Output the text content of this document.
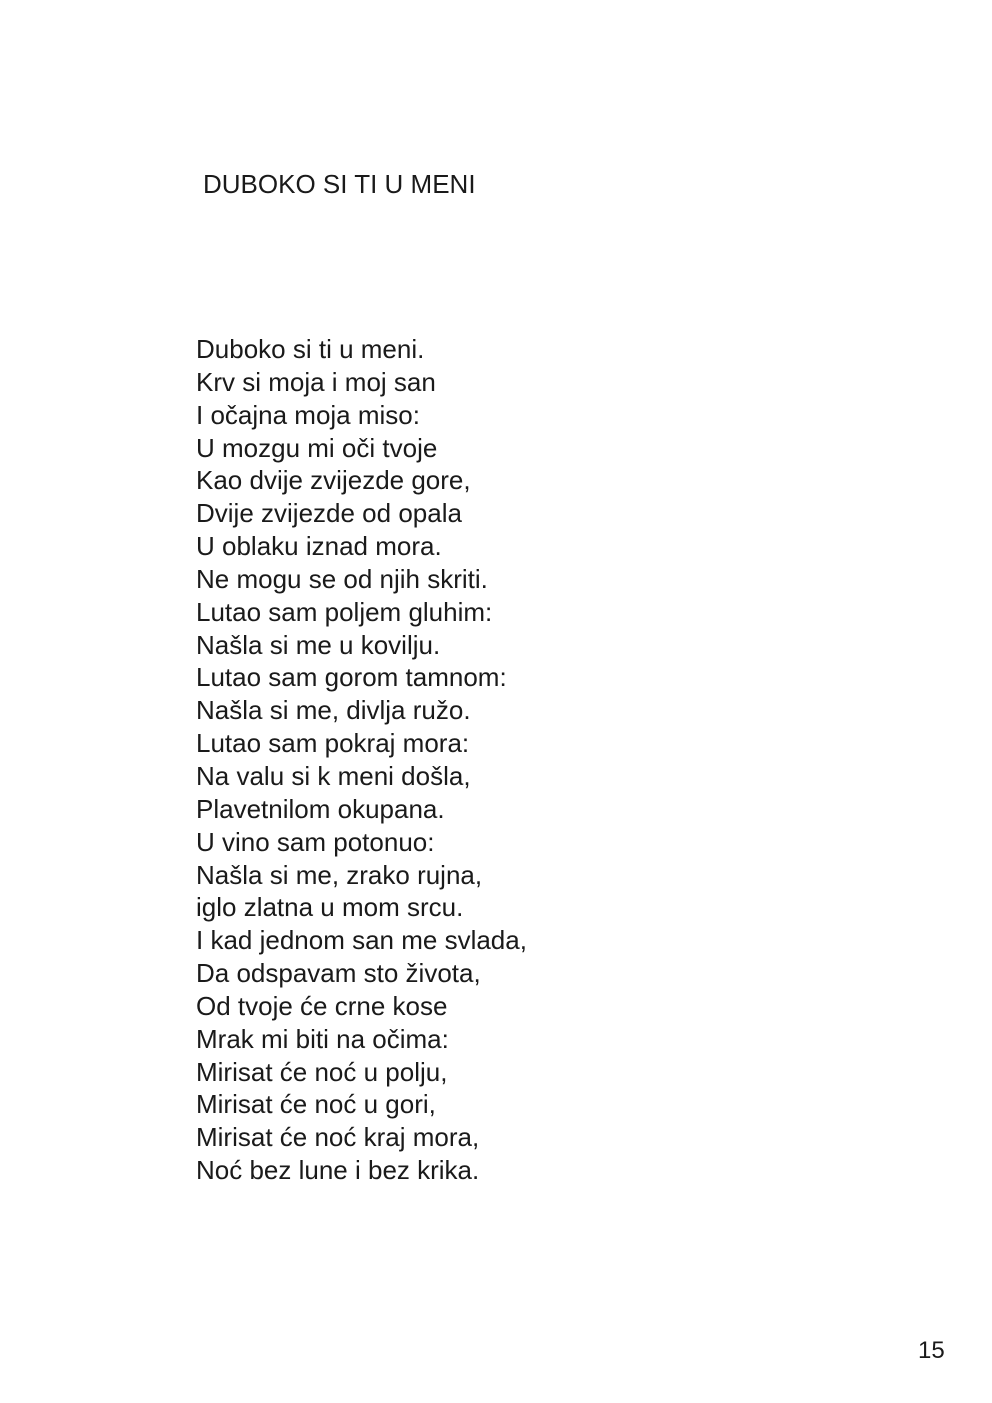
DUBOKO SI TI U MENI
Duboko si ti u meni.
Krv si moja i moj san
I očajna moja miso:
U mozgu mi oči tvoje
Kao dvije zvijezde gore,
Dvije zvijezde od opala
U oblaku iznad mora.
Ne mogu se od njih skriti.
Lutao sam poljem gluhim:
Našla si me u kovilju.
Lutao sam gorom tamnom:
Našla si me, divlja ružo.
Lutao sam pokraj mora:
Na valu si k meni došla,
Plavetnilom okupana.
U vino sam potonuo:
Našla si me, zrako rujna,
iglo zlatna u mom srcu.
I kad jednom san me svlada,
Da odspavam sto života,
Od tvoje će crne kose
Mrak mi biti na očima:
Mirisat će noć u polju,
Mirisat će noć u gori,
Mirisat će noć kraj mora,
Noć bez lune i bez krika.

15
